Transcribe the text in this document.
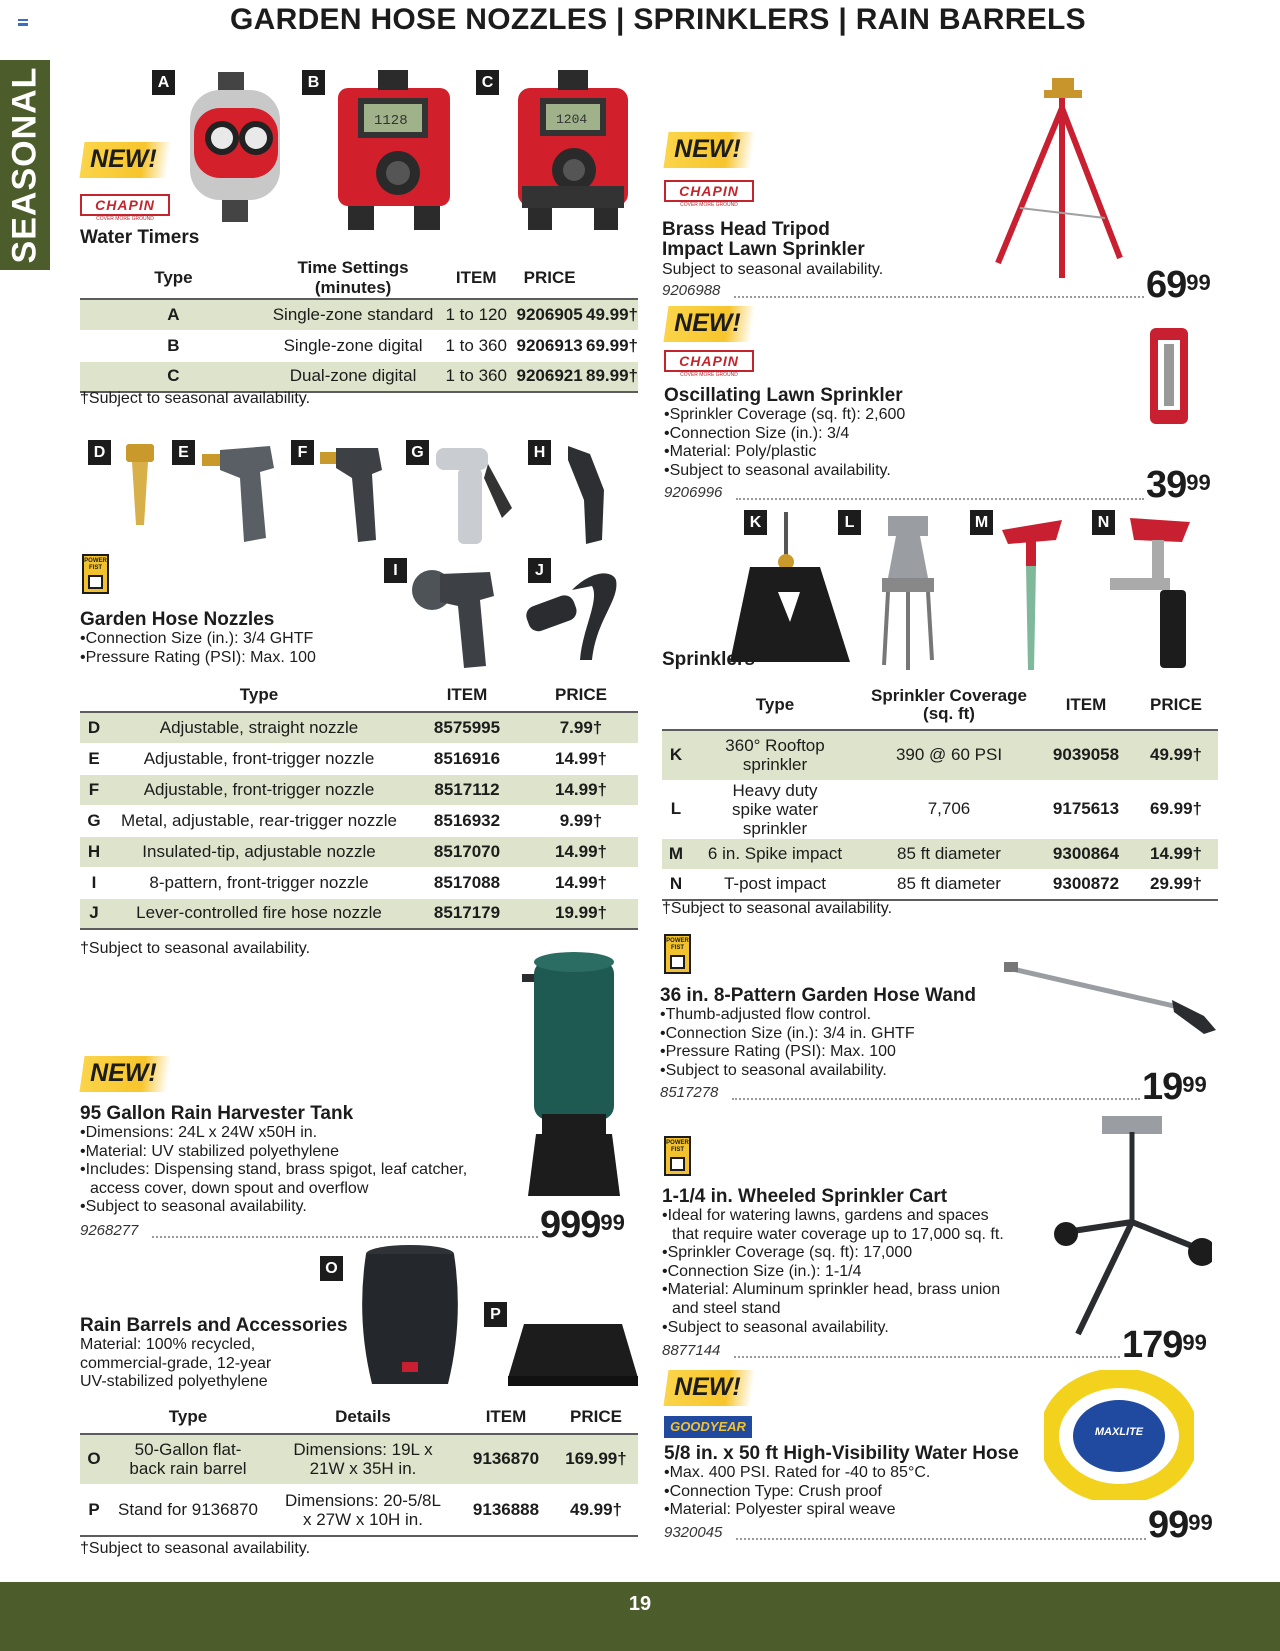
GARDEN HOSE NOZZLES | SPRINKLERS | RAIN BARRELS
SEASONAL	A	B	C
1128	1204
NEW!
CHAPIN
COVER MORE GROUND
Water Timers
Type	Time Settings (minutes)	ITEM	PRICE	
A	Single-zone standard	1 to 120	9206905	49.99†
B	Single-zone digital	1 to 360	9206913	69.99†
C	Dual-zone digital	1 to 360	9206921	89.99†
†Subject to seasonal availability.
NEW!
CHAPIN
COVER MORE GROUND
Brass Head Tripod
Impact Lawn Sprinkler
Subject to seasonal availability.
9206988	$69^{99}$
NEW!
CHAPIN
COVER MORE GROUND
Oscillating Lawn Sprinkler
•Sprinkler Coverage (sq. ft): 2,600
•Connection Size (in.): 3/4
•Material: Poly/plastic
•Subject to seasonal availability.
9206996	$39^{99}$
D	E	F	G	H
I	J
POWER FIST
Garden Hose Nozzles
•Connection Size (in.): 3/4 GHTF
•Pressure Rating (PSI): Max. 100
	Type	ITEM	PRICE
D	Adjustable, straight nozzle	8575995	7.99†
E	Adjustable, front-trigger nozzle	8516916	14.99†
F	Adjustable, front-trigger nozzle	8517112	14.99†
G	Metal, adjustable, rear-trigger nozzle	8516932	9.99†
H	Insulated-tip, adjustable nozzle	8517070	14.99†
I	8-pattern, front-trigger nozzle	8517088	14.99†
J	Lever-controlled fire hose nozzle	8517179	19.99†
†Subject to seasonal availability.
K	L	M	N
Sprinklers
	Type	Sprinkler Coverage (sq. ft)	ITEM	PRICE
K	360° Rooftop sprinkler	390 @ 60 PSI	9039058	49.99†
L	Heavy duty spike water sprinkler	7,706	9175613	69.99†
M	6 in. Spike impact	85 ft diameter	9300864	14.99†
N	T-post impact	85 ft diameter	9300872	29.99†
†Subject to seasonal availability.
POWER FIST
36 in. 8-Pattern Garden Hose Wand
•Thumb-adjusted flow control.
•Connection Size (in.): 3/4 in. GHTF
•Pressure Rating (PSI): Max. 100
•Subject to seasonal availability.
8517278	$19^{99}$
NEW!
95 Gallon Rain Harvester Tank
•Dimensions: 24L x 24W x50H in.
•Material: UV stabilized polyethylene
•Includes: Dispensing stand, brass spigot, leaf catcher,
access cover, down spout and overflow
•Subject to seasonal availability.
9268277	$999^{99}$
POWER FIST
1-1/4 in. Wheeled Sprinkler Cart
•Ideal for watering lawns, gardens and spaces
that require water coverage up to 17,000 sq. ft.
•Sprinkler Coverage (sq. ft): 17,000
•Connection Size (in.): 1-1/4
•Material: Aluminum sprinkler head, brass union
and steel stand
•Subject to seasonal availability.
8877144	$179^{99}$
O
P
Rain Barrels and Accessories
Material: 100% recycled,
commercial-grade, 12-year
UV-stabilized polyethylene
	Type	Details	ITEM	PRICE
O	50-Gallon flat-back rain barrel	Dimensions: 19L x 21W x 35H in.	9136870	169.99†
P	Stand for 9136870	Dimensions: 20-5/8L x 27W x 10H in.	9136888	49.99†
†Subject to seasonal availability.
NEW!
GOODYEAR
5/8 in. x 50 ft High-Visibility Water Hose
•Max. 400 PSI. Rated for -40 to 85°C.
•Connection Type: Crush proof
•Material: Polyester spiral weave
9320045	$99^{99}$
MAXLITE
19
